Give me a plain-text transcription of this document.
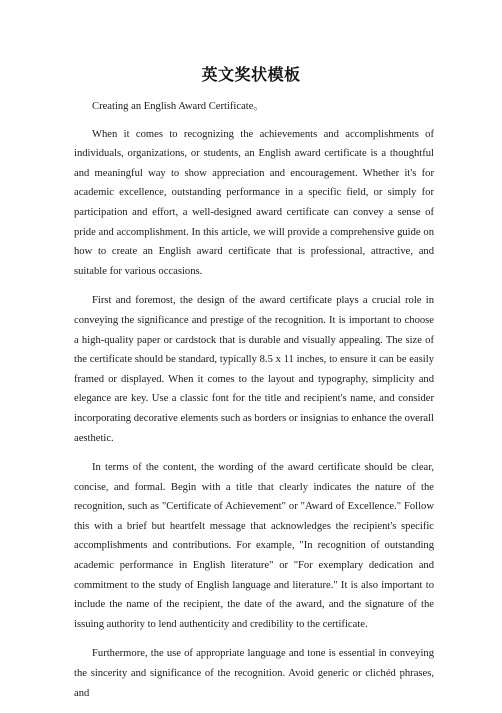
英文奖状模板

Creating an English Award Certificate。

When it comes to recognizing the achievements and accomplishments of individuals, organizations, or students, an English award certificate is a thoughtful and meaningful way to show appreciation and encouragement. Whether it's for academic excellence, outstanding performance in a specific field, or simply for participation and effort, a well-designed award certificate can convey a sense of pride and accomplishment. In this article, we will provide a comprehensive guide on how to create an English award certificate that is professional, attractive, and suitable for various occasions.

First and foremost, the design of the award certificate plays a crucial role in conveying the significance and prestige of the recognition. It is important to choose a high-quality paper or cardstock that is durable and visually appealing. The size of the certificate should be standard, typically 8.5 x 11 inches, to ensure it can be easily framed or displayed. When it comes to the layout and typography, simplicity and elegance are key. Use a classic font for the title and recipient's name, and consider incorporating decorative elements such as borders or insignias to enhance the overall aesthetic.

In terms of the content, the wording of the award certificate should be clear, concise, and formal. Begin with a title that clearly indicates the nature of the recognition, such as "Certificate of Achievement" or "Award of Excellence." Follow this with a brief but heartfelt message that acknowledges the recipient's specific accomplishments and contributions. For example, "In recognition of outstanding academic performance in English literature" or "For exemplary dedication and commitment to the study of English language and literature." It is also important to include the name of the recipient, the date of the award, and the signature of the issuing authority to lend authenticity and credibility to the certificate.

Furthermore, the use of appropriate language and tone is essential in conveying the sincerity and significance of the recognition. Avoid generic or clichéd phrases, and
